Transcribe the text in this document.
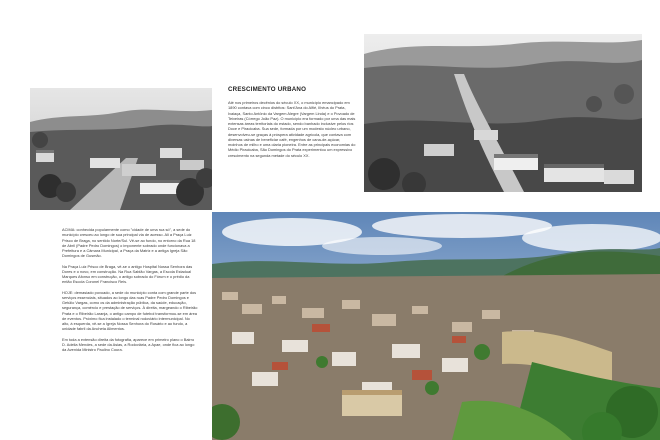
CRESCIMENTO URBANO

Até nos primeiros decênios do século XX, o município emancipado em 1890 contava com cinco distritos: Sant'Ana do Alfié, Ilhéus do Prata, Ivaiaça, Santo Antônio da Vargem Alegre (Vargem Linda) e o Povoado de Teixeiras (Córrego João Paz). O município era formado por uma das mais extensas áreas territoriais do estado, sendo banhado inclusive pelos rios Doce e Piracicaba. Sua sede, formada por um modesto núcleo urbano, desenvolveu-se graças à próspera atividade agrícola, que contava com diversas usinas de beneficiar café, engenhos de cana-de-açúcar, moinhos de milho e uma olaria pioneira. Entre as principais economias do Médio Piracicaba, São Domingos do Prata experimentou um expressivo crescimento na segunda metade do século XX.

ACIMA: conhecida popularmente como "cidade de uma rua só", a sede do município cresceu ao longo de sua principal via de acesso. Ali a Praça Luiz Prisco de Braga, no sentido Norte/Sul. Vê-se ao fundo, no entorno da Rua 18 de Abril (Padre Pedro Domingos) o imponente sobrado onde funcionava a Prefeitura e a Câmara Municipal, a Praça da Matriz e a antiga Igreja São Domingos de Gusmão.

Na Praça Luiz Prisco de Braga, vê-se o antigo Hospital Nossa Senhora das Dores e o novo, em construção. Na Rua Sabião Vargas, a Escola Estadual Marques Afonso em construção, o antigo sobrado do Fórum e o prédio da então Escola Coronel Francisco Reis.

HOJE: demasiado povoado, a sede do município conta com grande parte dos serviços essenciais, situados ao longo das ruas Padre Pedro Domingos e Getúlio Vargas, como os da administração pública, da saúde, educação, segurança, comércio e prestação de serviços. À direita, margeando o Ribeirão Prata e o Ribeirão Laranja, o antigo campo de futebol transformou-se em área de eventos. Próximo fica instalado o terminal rodoviário intermunicipal. No alto, à esquerda, vê-se a Igreja Nossa Senhora do Rosário e ao fundo, a unidade fabril da Ancheta Alimentos.

Em toda a extensão direita da fotografia, aparece em primeiro plano o Bairro D. Adelia Mendes, a sede da Asias, a Rodoviária, a Apae, onde fica ao longo da Avenida Ministro Paulino Coura.
